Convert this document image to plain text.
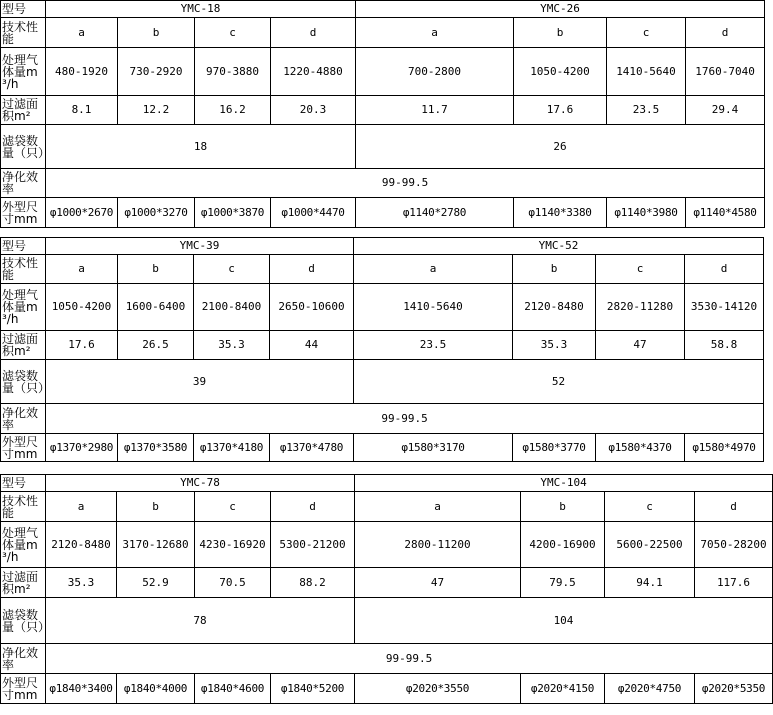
型号	YMC-18				YMC-26			
技术性能	a	b	c	d	a	b	c	d
处理气体量m³/h	480-1920	730-2920	970-3880	1220-4880	700-2800	1050-4200	1410-5640	1760-7040
过滤面积m²	8.1	12.2	16.2	20.3	11.7	17.6	23.5	29.4
滤袋数量（只）	18				26			
净化效率	99-99.5							
外型尺寸mm	φ1000*2670	φ1000*3270	φ1000*3870	φ1000*4470	φ1140*2780	φ1140*3380	φ1140*3980	φ1140*4580
型号	YMC-39				YMC-52			
技术性能	a	b	c	d	a	b	c	d
处理气体量m³/h	1050-4200	1600-6400	2100-8400	2650-10600	1410-5640	2120-8480	2820-11280	3530-14120
过滤面积m²	17.6	26.5	35.3	44	23.5	35.3	47	58.8
滤袋数量（只）	39				52			
净化效率	99-99.5							
外型尺寸mm	φ1370*2980	φ1370*3580	φ1370*4180	φ1370*4780	φ1580*3170	φ1580*3770	φ1580*4370	φ1580*4970
型号	YMC-78				YMC-104			
技术性能	a	b	c	d	a	b	c	d
处理气体量m³/h	2120-8480	3170-12680	4230-16920	5300-21200	2800-11200	4200-16900	5600-22500	7050-28200
过滤面积m²	35.3	52.9	70.5	88.2	47	79.5	94.1	117.6
滤袋数量（只）	78				104			
净化效率	99-99.5							
外型尺寸mm	φ1840*3400	φ1840*4000	φ1840*4600	φ1840*5200	φ2020*3550	φ2020*4150	φ2020*4750	φ2020*5350
